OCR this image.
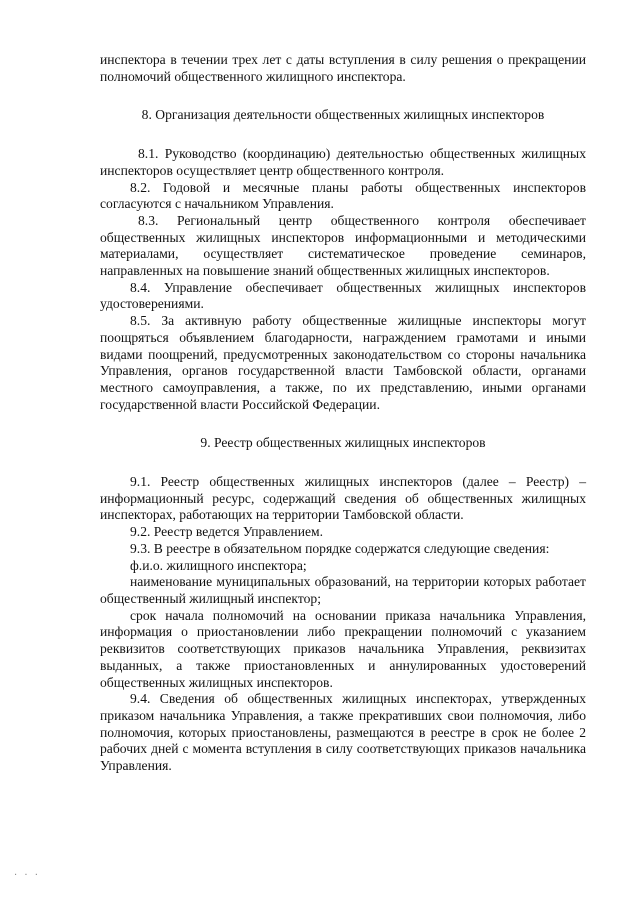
инспектора в течении трех лет с даты вступления в силу решения о прекращении полномочий общественного жилищного инспектора.

8. Организация деятельности общественных жилищных инспекторов

8.1. Руководство (координацию) деятельностью общественных жилищных инспекторов осуществляет центр общественного контроля.

8.2. Годовой и месячные планы работы общественных инспекторов согласуются с начальником Управления.

8.3. Региональный центр общественного контроля обеспечивает общественных жилищных инспекторов информационными и методическими материалами, осуществляет систематическое проведение семинаров, направленных на повышение знаний общественных жилищных инспекторов.

8.4. Управление обеспечивает общественных жилищных инспекторов удостоверениями.

8.5. За активную работу общественные жилищные инспекторы могут поощряться объявлением благодарности, награждением грамотами и иными видами поощрений, предусмотренных законодательством со стороны начальника Управления, органов государственной власти Тамбовской области, органами местного самоуправления, а также, по их представлению, иными органами государственной власти Российской Федерации.

9. Реестр общественных жилищных инспекторов

9.1. Реестр общественных жилищных инспекторов (далее – Реестр) – информационный ресурс, содержащий сведения об общественных жилищных инспекторах, работающих на территории Тамбовской области.

9.2. Реестр ведется Управлением.

9.3. В реестре в обязательном порядке содержатся следующие сведения:

ф.и.о. жилищного инспектора;

наименование муниципальных образований, на территории которых работает общественный жилищный инспектор;

срок начала полномочий на основании приказа начальника Управления, информация о приостановлении либо прекращении полномочий с указанием реквизитов соответствующих приказов начальника Управления, реквизитах выданных, а также приостановленных и аннулированных удостоверений общественных жилищных инспекторов.

9.4. Сведения об общественных жилищных инспекторах, утвержденных приказом начальника Управления, а также прекративших свои полномочия, либо полномочия, которых приостановлены, размещаются в реестре в срок не более 2 рабочих дней с момента вступления в силу соответствующих приказов начальника Управления.

· · ·
